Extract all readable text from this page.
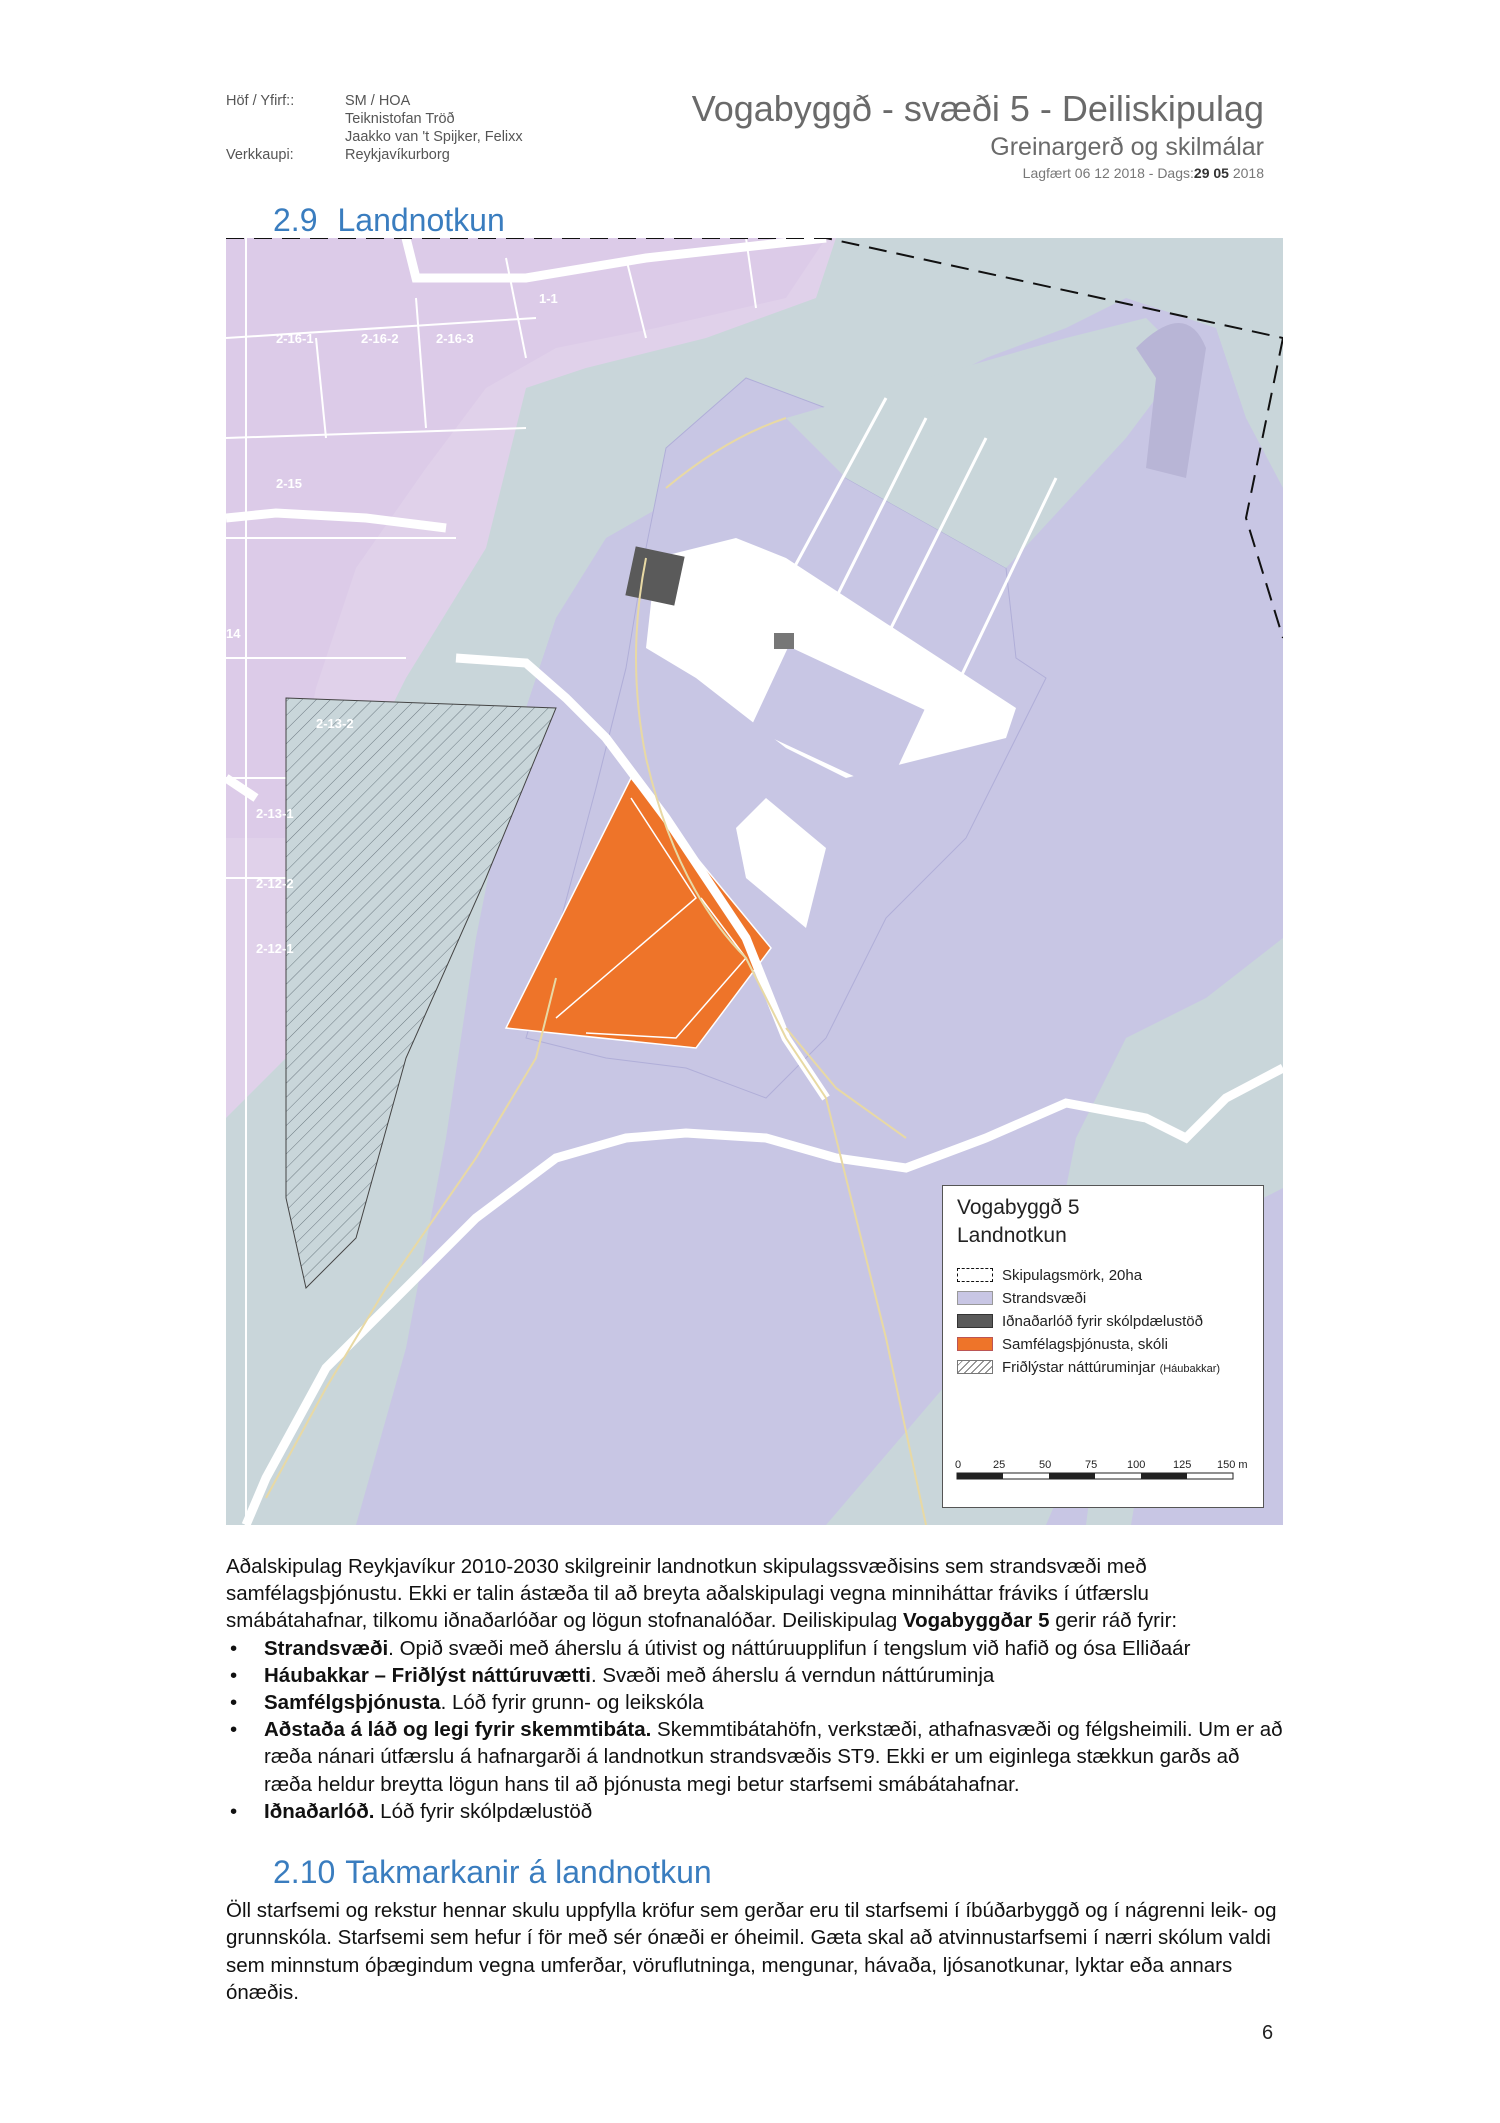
Höf / Yfirf::
Verkkaupi:
SM / HOA
Teiknistofan Tröð
Jaakko van 't Spijker, Felixx
Reykjavíkurborg
Vogabyggð - svæði 5 - Deiliskipulag
Greinargerð og skilmálar
Lagfært 06 12 2018 - Dags:29 05 2018
2.9 Landnotkun
1-1
2-16-1	2-16-2	2-16-3
2-15
14
2-13-2
2-13-1
2-12-2
2-12-1
Vogabyggð 5
Landnotkun
Skipulagsmörk, 20ha
Strandsvæði
Iðnaðarlóð fyrir skólpdælustöð
Samfélagsþjónusta, skóli
Friðlýstar náttúruminjar (Háubakkar)
0	25	50	75	100	125 150 m

Aðalskipulag Reykjavíkur 2010-2030 skilgreinir landnotkun skipulagssvæðisins sem strandsvæði með samfélagsþjónustu. Ekki er talin ástæða til að breyta aðalskipulagi vegna minniháttar fráviks í útfærslu smábátahafnar, tilkomu iðnaðarlóðar og lögun stofnanalóðar. Deiliskipulag Vogabyggðar 5 gerir ráð fyrir:

• Strandsvæði. Opið svæði með áherslu á útivist og náttúruupplifun í tengslum við hafið og ósa Elliðaár
• Háubakkar – Friðlýst náttúruvætti. Svæði með áherslu á verndun náttúruminja
• Samfélgsþjónusta. Lóð fyrir grunn- og leikskóla
• Aðstaða á láð og legi fyrir skemmtibáta. Skemmtibátahöfn, verkstæði, athafnasvæði og félgsheimili. Um er að ræða nánari útfærslu á hafnargarði á landnotkun strandsvæðis ST9. Ekki er um eiginlega stækkun garðs að ræða heldur breytta lögun hans til að þjónusta megi betur starfsemi smábátahafnar.
• Iðnaðarlóð. Lóð fyrir skólpdælustöð
2.10 Takmarkanir á landnotkun

Öll starfsemi og rekstur hennar skulu uppfylla kröfur sem gerðar eru til starfsemi í íbúðarbyggð og í nágrenni leik- og grunnskóla. Starfsemi sem hefur í för með sér ónæði er óheimil. Gæta skal að atvinnustarfsemi í nærri skólum valdi sem minnstum óþægindum vegna umferðar, vöruflutninga, mengunar, hávaða, ljósanotkunar, lyktar eða annars ónæðis.

6
